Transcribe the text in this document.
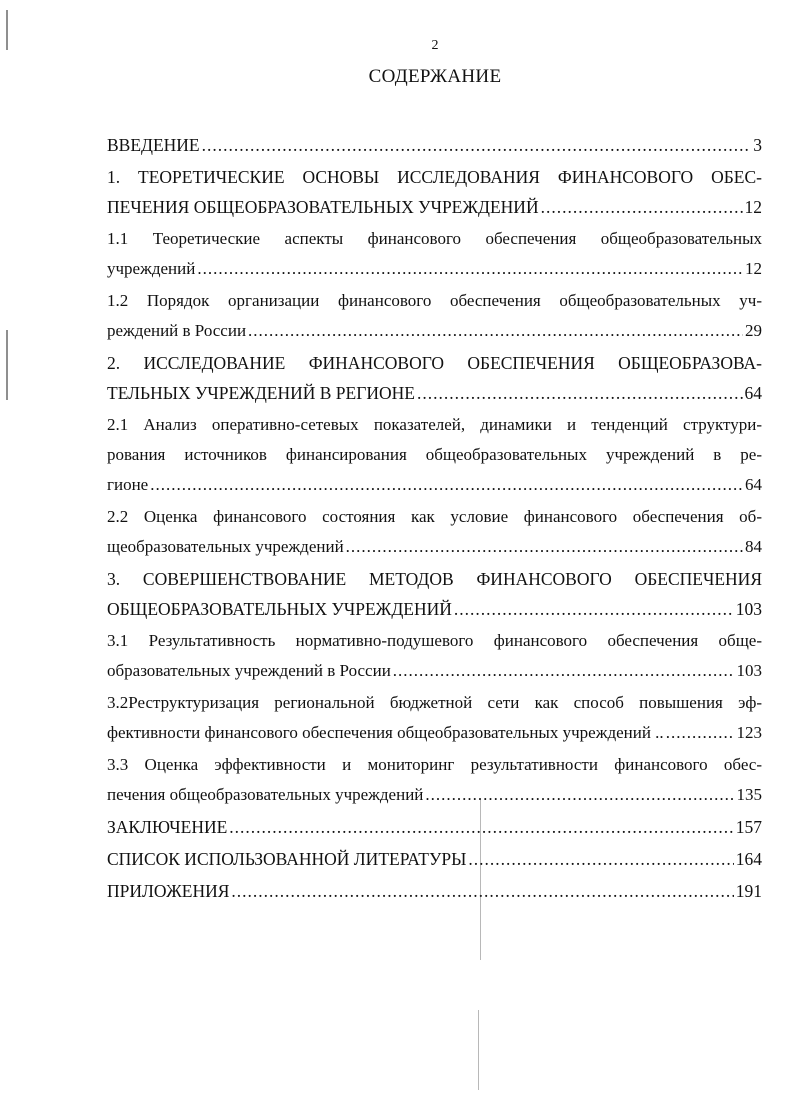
2
СОДЕРЖАНИЕ
ВВЕДЕНИЕ .....	3
1. ТЕОРЕТИЧЕСКИЕ ОСНОВЫ ИССЛЕДОВАНИЯ ФИНАНСОВОГО ОБЕС-
ПЕЧЕНИЯ ОБЩЕОБРАЗОВАТЕЛЬНЫХ УЧРЕЖДЕНИЙ .....	12
1.1 Теоретические аспекты финансового обеспечения общеобразовательных
учреждений .....	12
1.2 Порядок организации финансового обеспечения общеобразовательных уч-
реждений в России .....	29
2. ИССЛЕДОВАНИЕ ФИНАНСОВОГО ОБЕСПЕЧЕНИЯ ОБЩЕОБРАЗОВА-
ТЕЛЬНЫХ УЧРЕЖДЕНИЙ В РЕГИОНЕ .....	64
2.1 Анализ оперативно-сетевых показателей, динамики и тенденций структури-
рования источников финансирования общеобразовательных учреждений в ре-
гионе .....	64
2.2 Оценка финансового состояния как условие финансового обеспечения об-
щеобразовательных учреждений .....	84
3. СОВЕРШЕНСТВОВАНИЕ МЕТОДОВ ФИНАНСОВОГО ОБЕСПЕЧЕНИЯ
ОБЩЕОБРАЗОВАТЕЛЬНЫХ УЧРЕЖДЕНИЙ .....	103
3.1 Результативность нормативно-подушевого финансового обеспечения обще-
образовательных учреждений в России .....	103
3.2Реструктуризация региональной бюджетной сети как способ повышения эф-
фективности финансового обеспечения общеобразовательных учреждений .. .....	123
3.3 Оценка эффективности и мониторинг результативности финансового обес-
печения общеобразовательных учреждений .....	135
ЗАКЛЮЧЕНИЕ .....	157
СПИСОК ИСПОЛЬЗОВАННОЙ ЛИТЕРАТУРЫ .....	164
ПРИЛОЖЕНИЯ .....	191
